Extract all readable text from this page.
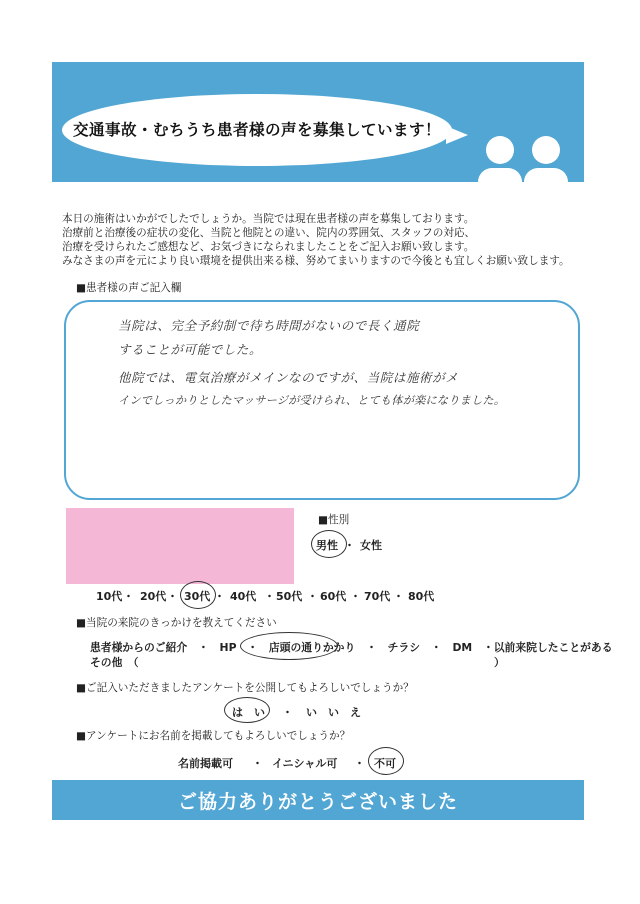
交通事故・むちうち患者様の声を募集しています！
本日の施術はいかがでしたでしょうか。当院では現在患者様の声を募集しております。
治療前と治療後の症状の変化、当院と他院との違い、院内の雰囲気、スタッフの対応、
治療を受けられたご感想など、お気づきになられましたことをご記入お願い致します。
みなさまの声を元により良い環境を提供出来る様、努めてまいりますので今後とも宜しくお願い致します。
■患者様の声ご記入欄
当院は、完全予約制で待ち時間がないので長く通院
することが可能でした。
他院では、電気治療がメインなのですが、当院は施術がメ
インでしっかりとしたマッサージが受けられ、とても体が楽になりました。
■性別
男性 ・ 女性
10代 ・ 20代 ・ 30代 ・ 40代 ・ 50代 ・ 60代 ・ 70代 ・ 80代
■当院の来院のきっかけを教えてください
患者様からのご紹介　・　HP　・　店頭の通りかかり　・　チラシ　・　DM　・以前来院したことがある
その他　（	）
■ご記入いただきましたアンケートを公開してもよろしいでしょうか？
は　い ・ い　い　え
■アンケートにお名前を掲載してもよろしいでしょうか？
名前掲載可 ・ イニシャル可 ・ 不可
ご協力ありがとうございました
